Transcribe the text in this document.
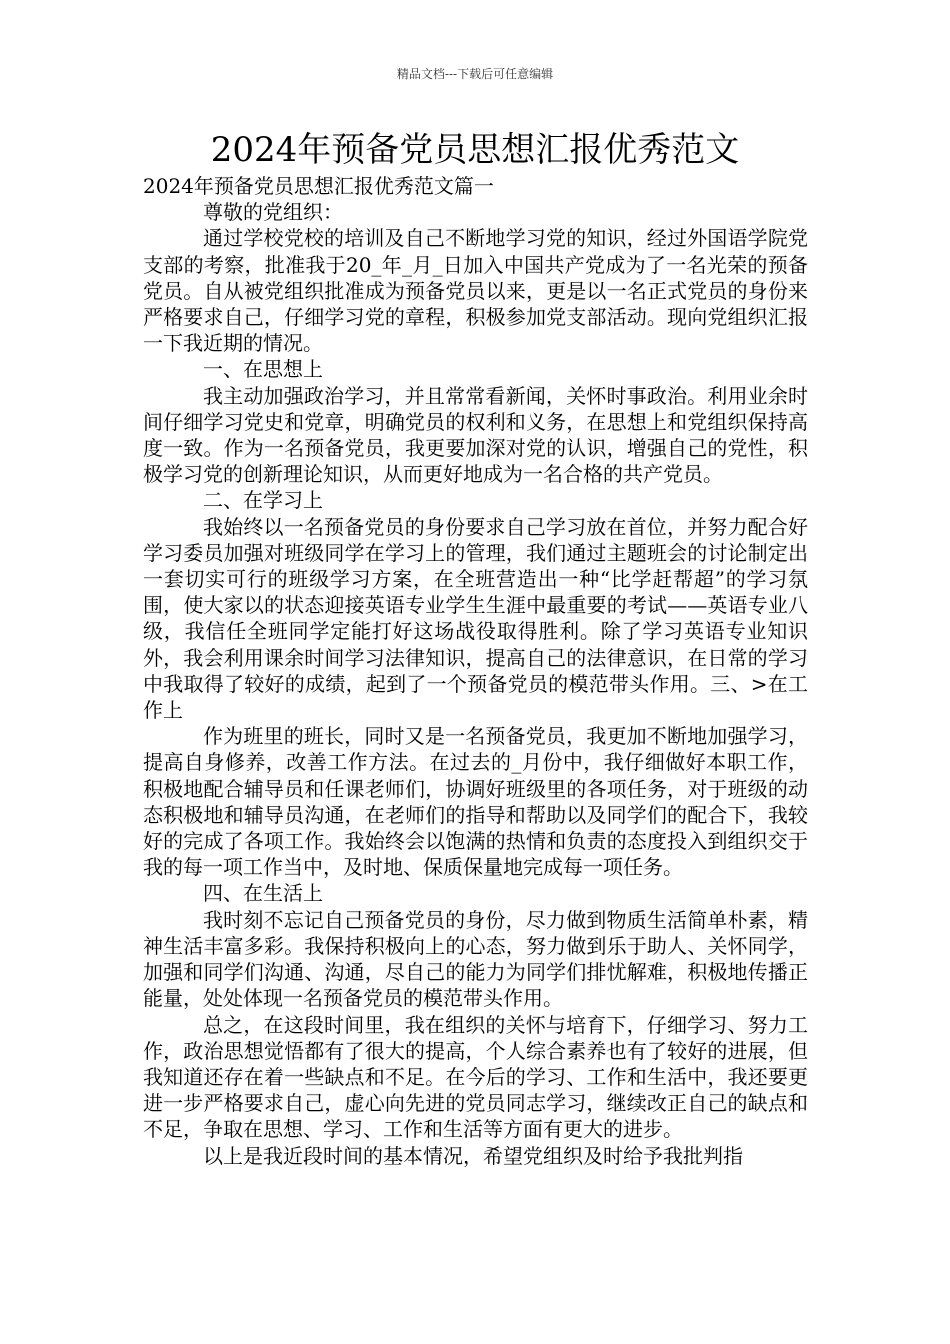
精品文档---下载后可任意编辑
2024年预备党员思想汇报优秀范文

2024年预备党员思想汇报优秀范文篇一

尊敬的党组织：

通过学校党校的培训及自己不断地学习党的知识，经过外国语学院党支部的考察，批准我于20_年_月_日加入中国共产党成为了一名光荣的预备党员。自从被党组织批准成为预备党员以来，更是以一名正式党员的身份来严格要求自己，仔细学习党的章程，积极参加党支部活动。现向党组织汇报一下我近期的情况。

一、在思想上

我主动加强政治学习，并且常常看新闻，关怀时事政治。利用业余时间仔细学习党史和党章，明确党员的权利和义务，在思想上和党组织保持高度一致。作为一名预备党员，我更要加深对党的认识，增强自己的党性，积极学习党的创新理论知识，从而更好地成为一名合格的共产党员。

二、在学习上

我始终以一名预备党员的身份要求自己学习放在首位，并努力配合好学习委员加强对班级同学在学习上的管理，我们通过主题班会的讨论制定出一套切实可行的班级学习方案，在全班营造出一种“比学赶帮超”的学习氛围，使大家以的状态迎接英语专业学生生涯中最重要的考试——英语专业八级，我信任全班同学定能打好这场战役取得胜利。除了学习英语专业知识外，我会利用课余时间学习法律知识，提高自己的法律意识，在日常的学习中我取得了较好的成绩，起到了一个预备党员的模范带头作用。三、>在工作上

作为班里的班长，同时又是一名预备党员，我更加不断地加强学习，提高自身修养，改善工作方法。在过去的_月份中，我仔细做好本职工作，积极地配合辅导员和任课老师们，协调好班级里的各项任务，对于班级的动态积极地和辅导员沟通，在老师们的指导和帮助以及同学们的配合下，我较好的完成了各项工作。我始终会以饱满的热情和负责的态度投入到组织交于我的每一项工作当中，及时地、保质保量地完成每一项任务。

四、在生活上

我时刻不忘记自己预备党员的身份，尽力做到物质生活简单朴素，精神生活丰富多彩。我保持积极向上的心态，努力做到乐于助人、关怀同学，加强和同学们沟通、沟通，尽自己的能力为同学们排忧解难，积极地传播正能量，处处体现一名预备党员的模范带头作用。

总之，在这段时间里，我在组织的关怀与培育下，仔细学习、努力工作，政治思想觉悟都有了很大的提高，个人综合素养也有了较好的进展，但我知道还存在着一些缺点和不足。在今后的学习、工作和生活中，我还要更进一步严格要求自己，虚心向先进的党员同志学习，继续改正自己的缺点和不足，争取在思想、学习、工作和生活等方面有更大的进步。

以上是我近段时间的基本情况，希望党组织及时给予我批判指
